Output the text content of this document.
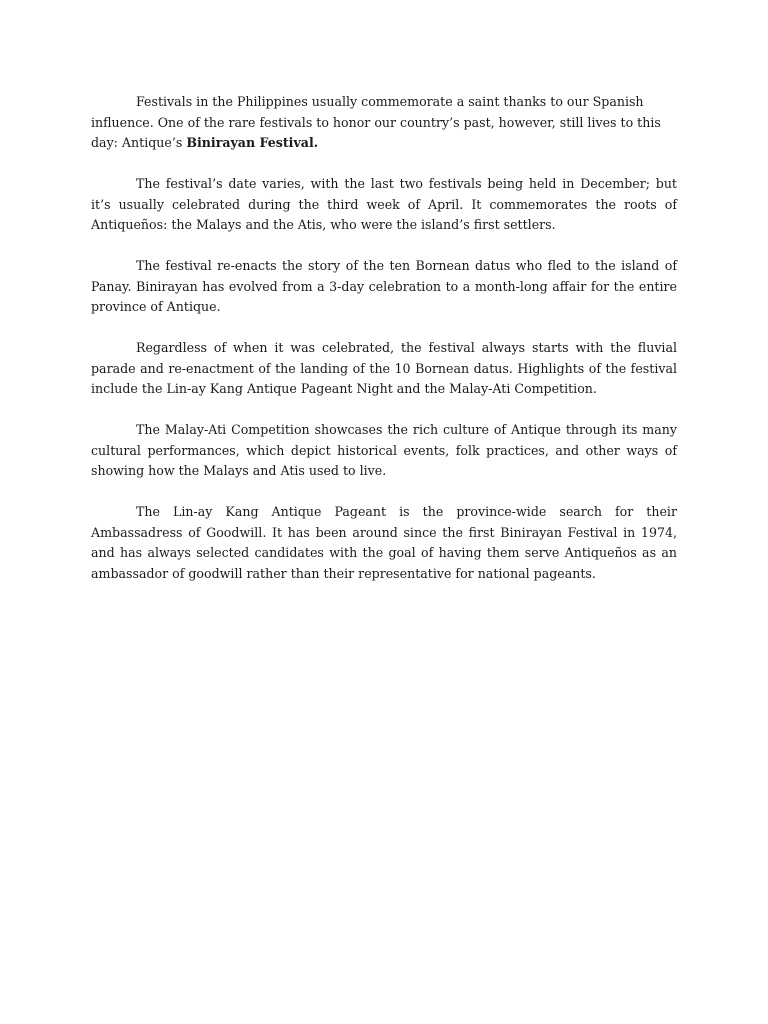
Festivals in the Philippines usually commemorate a saint thanks to our Spanish influence. One of the rare festivals to honor our country’s past, however, still lives to this day: Antique’s Binirayan Festival.

The festival’s date varies, with the last two festivals being held in December; but it’s usually celebrated during the third week of April. It commemorates the roots of Antiqueños: the Malays and the Atis, who were the island’s first settlers.

The festival re-enacts the story of the ten Bornean datus who fled to the island of Panay. Binirayan has evolved from a 3-day celebration to a month-long affair for the entire province of Antique.

Regardless of when it was celebrated, the festival always starts with the fluvial parade and re-enactment of the landing of the 10 Bornean datus. Highlights of the festival include the Lin-ay Kang Antique Pageant Night and the Malay-Ati Competition.

The Malay-Ati Competition showcases the rich culture of Antique through its many cultural performances, which depict historical events, folk practices, and other ways of showing how the Malays and Atis used to live.

The Lin-ay Kang Antique Pageant is the province-wide search for their Ambassadress of Goodwill. It has been around since the first Binirayan Festival in 1974, and has always selected candidates with the goal of having them serve Antiqueños as an ambassador of goodwill rather than their representative for national pageants.
